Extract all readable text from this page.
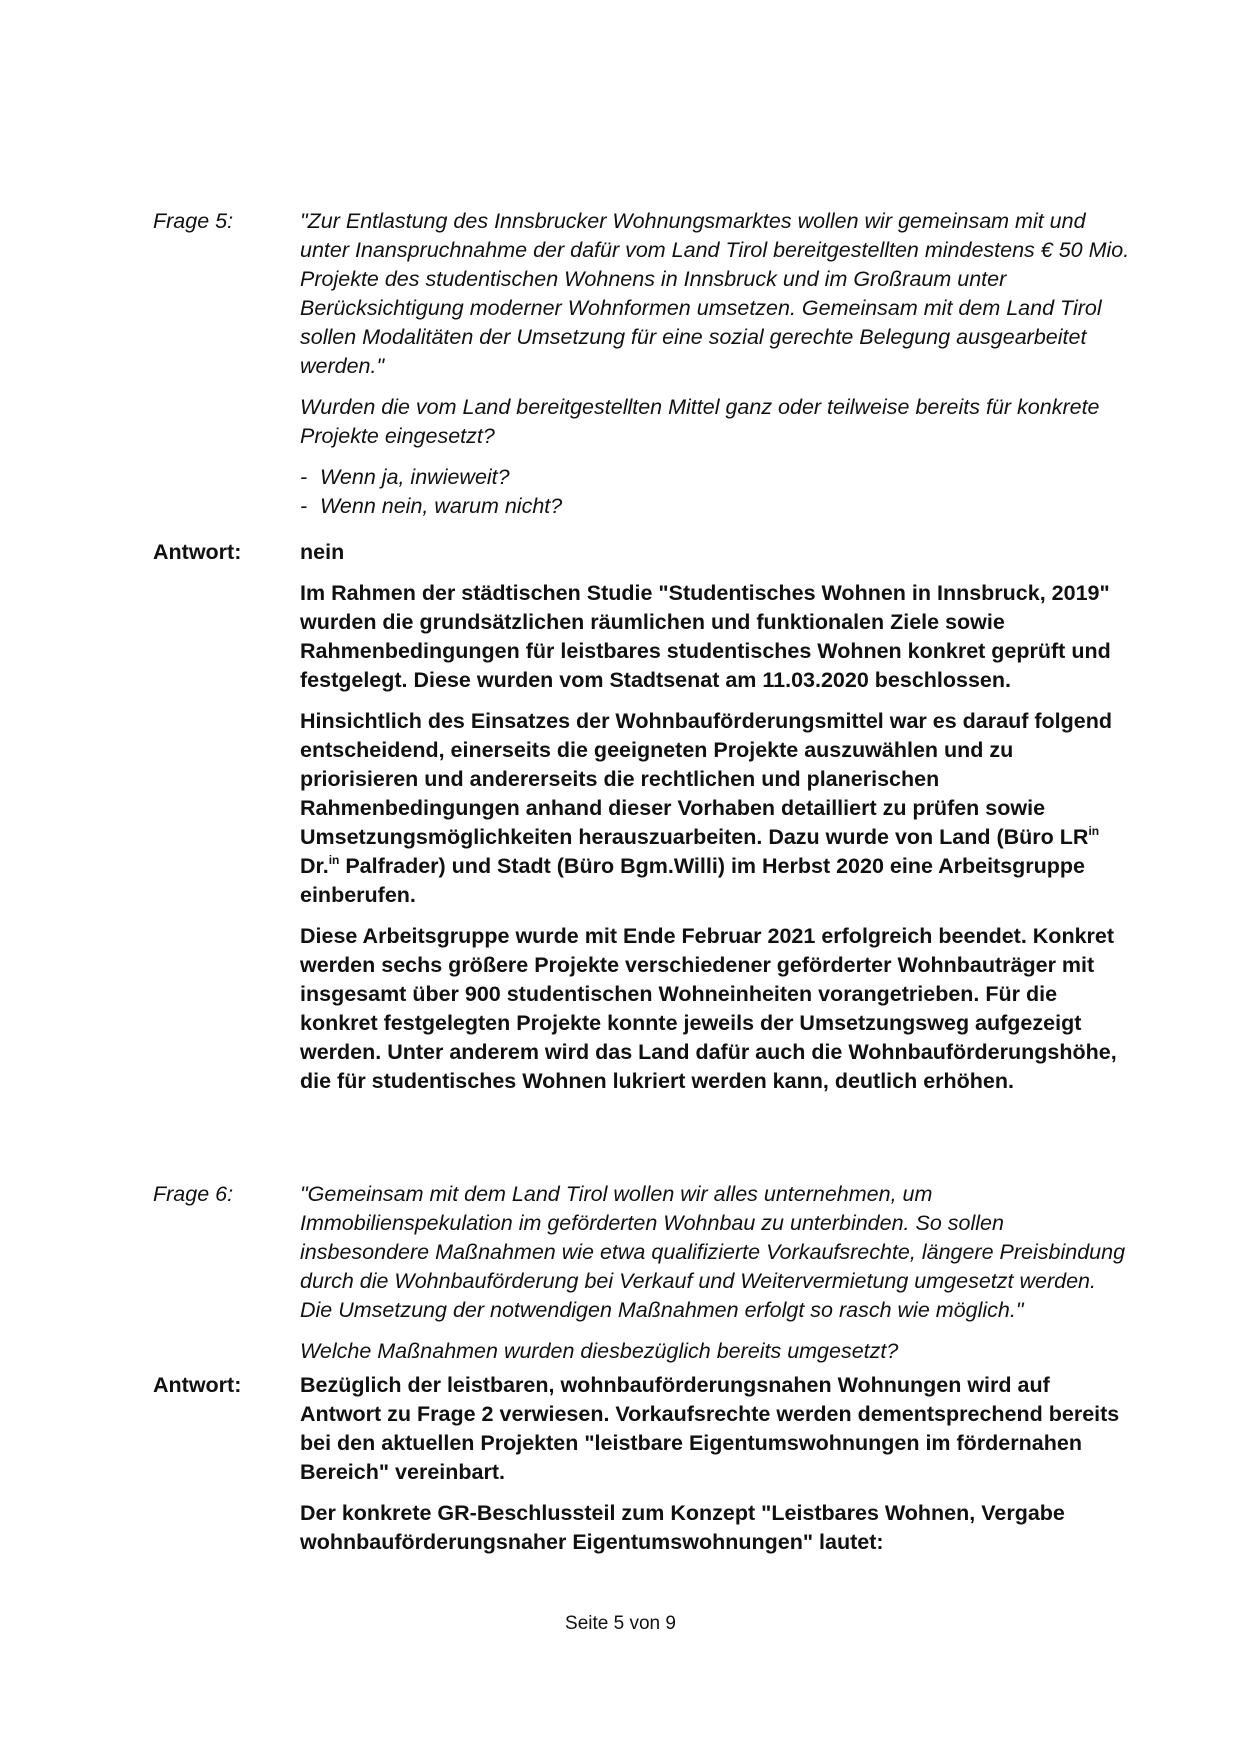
Frage 5:	"Zur Entlastung des Innsbrucker Wohnungsmarktes wollen wir gemeinsam mit und unter Inanspruchnahme der dafür vom Land Tirol bereitgestellten mindestens € 50 Mio. Projekte des studentischen Wohnens in Innsbruck und im Großraum unter Berücksichtigung moderner Wohnformen umsetzen. Gemeinsam mit dem Land Tirol sollen Modalitäten der Umsetzung für eine sozial gerechte Belegung ausgearbeitet werden."

Wurden die vom Land bereitgestellten Mittel ganz oder teilweise bereits für konkrete Projekte eingesetzt?

- Wenn ja, inwieweit?
- Wenn nein, warum nicht?
Antwort:	nein

Im Rahmen der städtischen Studie "Studentisches Wohnen in Innsbruck, 2019" wurden die grundsätzlichen räumlichen und funktionalen Ziele sowie Rahmenbedingungen für leistbares studentisches Wohnen konkret geprüft und festgelegt. Diese wurden vom Stadtsenat am 11.03.2020 beschlossen.

Hinsichtlich des Einsatzes der Wohnbauförderungsmittel war es darauf folgend entscheidend, einerseits die geeigneten Projekte auszuwählen und zu priorisieren und andererseits die rechtlichen und planerischen Rahmenbedingungen anhand dieser Vorhaben detailliert zu prüfen sowie Umsetzungsmöglichkeiten herauszuarbeiten. Dazu wurde von Land (Büro $LR^{in}$
Dr.$^{in}$ Palfrader) und Stadt (Büro Bgm.Willi) im Herbst 2020 eine Arbeitsgruppe einberufen.

Diese Arbeitsgruppe wurde mit Ende Februar 2021 erfolgreich beendet. Konkret werden sechs größere Projekte verschiedener geförderter Wohnbauträger mit insgesamt über 900 studentischen Wohneinheiten vorangetrieben. Für die konkret festgelegten Projekte konnte jeweils der Umsetzungsweg aufgezeigt werden. Unter anderem wird das Land dafür auch die Wohnbauförderungshöhe, die für studentisches Wohnen lukriert werden kann, deutlich erhöhen.

Frage 6:	"Gemeinsam mit dem Land Tirol wollen wir alles unternehmen, um Immobilienspekulation im geförderten Wohnbau zu unterbinden. So sollen insbesondere Maßnahmen wie etwa qualifizierte Vorkaufsrechte, längere Preisbindung durch die Wohnbauförderung bei Verkauf und Weitervermietung umgesetzt werden. Die Umsetzung der notwendigen Maßnahmen erfolgt so rasch wie möglich."

Welche Maßnahmen wurden diesbezüglich bereits umgesetzt?

Antwort:	Bezüglich der leistbaren, wohnbauförderungsnahen Wohnungen wird auf Antwort zu Frage 2 verwiesen. Vorkaufsrechte werden dementsprechend bereits bei den aktuellen Projekten "leistbare Eigentumswohnungen im fördernahen Bereich" vereinbart.

Der konkrete GR-Beschlussteil zum Konzept "Leistbares Wohnen, Vergabe wohnbauförderungsnaher Eigentumswohnungen" lautet:

Seite 5 von 9
